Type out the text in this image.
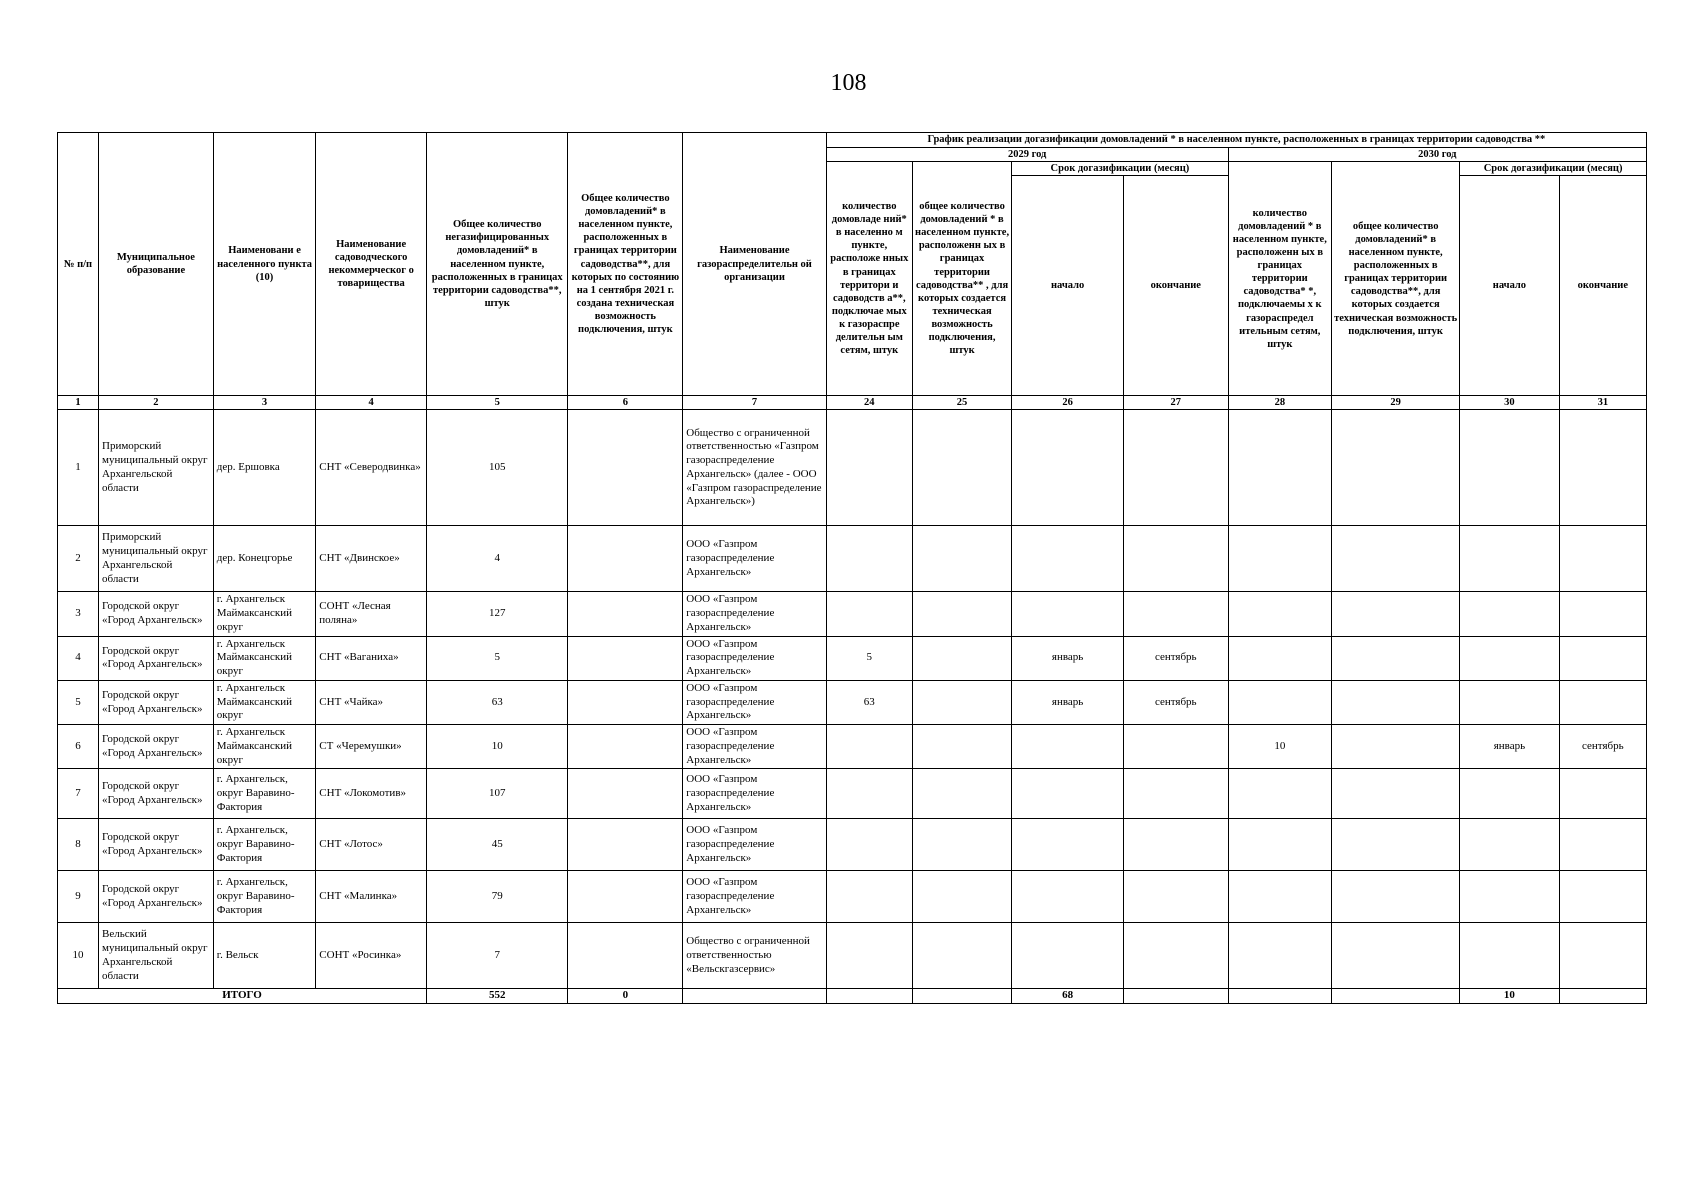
108
№ п/п	Муниципальное образование	Наименовани е населенного пункта (10)	Наименование садоводческого некоммерческог о товарищества	Общее количество негазифицированных домовладений* в населенном пункте, расположенных в границах территории садоводства**, штук	Общее количество домовладений* в населенном пункте, расположенных в границах территории садоводства**, для которых по состоянию на 1 сентября 2021 г. создана техническая возможность подключения, штук	Наименование газораспределительн ой организации	График реализации догазификации домовладений * в населенном пункте, расположенных в границах территории садоводства **							
							2029 год				2030 год			
							количество домовладе ний* в населенно м пункте, расположе нных в границах территори и садоводств а**, подключае мых к газораспре делительн ым сетям, штук	общее количество домовладений * в населенном пункте, расположенн ых в границах территории садоводства** , для которых создается техническая возможность подключения, штук	Срок догазификации (месяц)		количество домовладений * в населенном пункте, расположенн ых в границах территории садоводства* *, подключаемы х к газораспредел ительным сетям, штук	общее количество домовладений* в населенном пункте, расположенных в границах территории садоводства**, для которых создается техническая возможность подключения, штук	Срок догазификации (месяц)	
									начало	окончание			начало	окончание
1	2	3	4	5	6	7	24	25	26	27	28	29	30	31
1	Приморский муниципальный округ Архангельской области	дер. Ершовка	СНТ «Северодвинка»	105		Общество с ограниченной ответственностью «Газпром газораспределение Архангельск» (далее - ООО «Газпром газораспределение Архангельск»)								
2	Приморский муниципальный округ Архангельской области	дер. Конецгорье	СНТ «Двинское»	4		ООО «Газпром газораспределение Архангельск»								
3	Городской округ «Город Архангельск»	г. Архангельск Маймаксанский округ	СОНТ «Лесная поляна»	127		ООО «Газпром газораспределение Архангельск»								
4	Городской округ «Город Архангельск»	г. Архангельск Маймаксанский округ	СНТ «Ваганиха»	5		ООО «Газпром газораспределение Архангельск»	5		январь	сентябрь				
5	Городской округ «Город Архангельск»	г. Архангельск Маймаксанский округ	СНТ «Чайка»	63		ООО «Газпром газораспределение Архангельск»	63		январь	сентябрь				
6	Городской округ «Город Архангельск»	г. Архангельск Маймаксанский округ	СТ «Черемушки»	10		ООО «Газпром газораспределение Архангельск»					10		январь	сентябрь
7	Городской округ «Город Архангельск»	г. Архангельск, округ Варавино-Фактория	СНТ «Локомотив»	107		ООО «Газпром газораспределение Архангельск»								
8	Городской округ «Город Архангельск»	г. Архангельск, округ Варавино-Фактория	СНТ «Лотос»	45		ООО «Газпром газораспределение Архангельск»								
9	Городской округ «Город Архангельск»	г. Архангельск, округ Варавино-Фактория	СНТ «Малинка»	79		ООО «Газпром газораспределение Архангельск»								
10	Вельский муниципальный округ Архангельской области	г. Вельск	СОНТ «Росинка»	7		Общество с ограниченной ответственностью «Вельскгазсервис»								
ИТОГО				552	0				68				10	
